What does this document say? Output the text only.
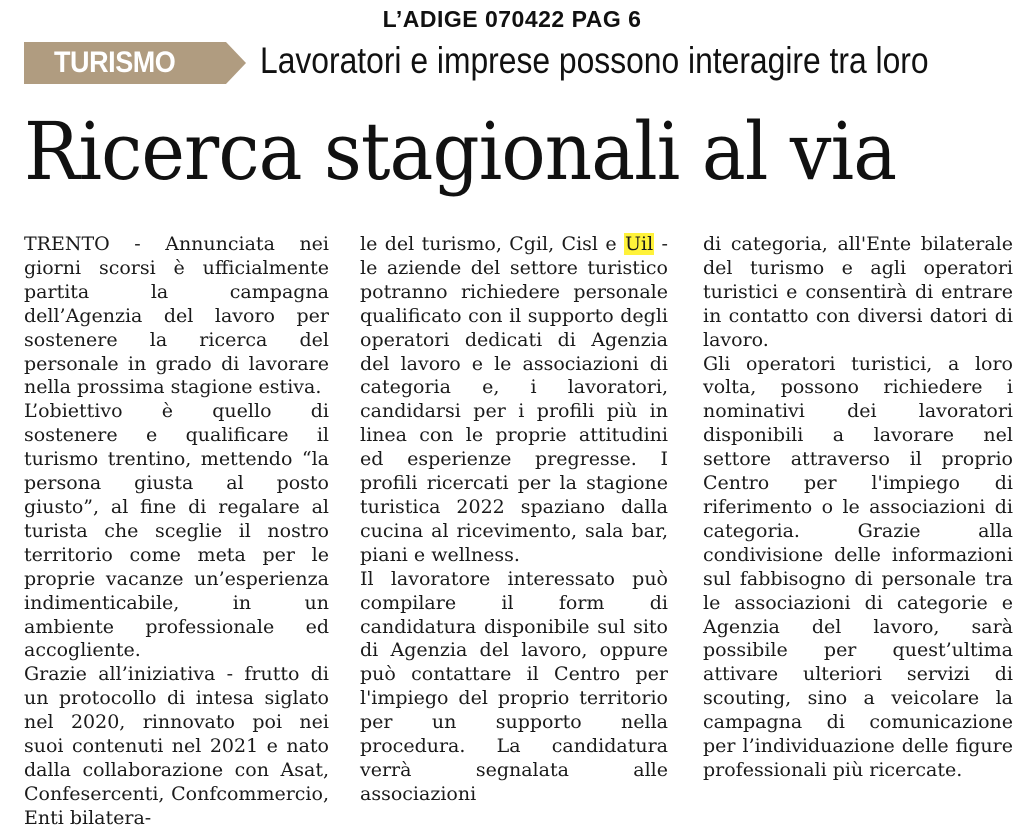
L’ADIGE 070422 PAG 6
TURISMO Lavoratori e imprese possono interagire tra loro
Ricerca stagionali al via

TRENTO - Annunciata nei giorni scorsi è ufficialmente partita la campagna dell’Agenzia del lavoro per sostenere la ricerca del personale in grado di lavorare nella prossima stagione estiva.

L’obiettivo è quello di sostenere e qualificare il turismo trentino, mettendo “la persona giusta al posto giusto”, al fine di regalare al turista che sceglie il nostro territorio come meta per le proprie vacanze un’esperienza indimenticabile, in un ambiente professionale ed accogliente.

Grazie all’iniziativa - frutto di un protocollo di intesa siglato nel 2020, rinnovato poi nei suoi contenuti nel 2021 e nato dalla collaborazione con Asat, Confesercenti, Confcommercio, Enti bilatera-

le del turismo, Cgil, Cisl e Uil - le aziende del settore turistico potranno richiedere personale qualificato con il supporto degli operatori dedicati di Agenzia del lavoro e le associazioni di categoria e, i lavoratori, candidarsi per i profili più in linea con le proprie attitudini ed esperienze pregresse. I profili ricercati per la stagione turistica 2022 spaziano dalla cucina al ricevimento, sala bar, piani e wellness.

Il lavoratore interessato può compilare il form di candidatura disponibile sul sito di Agenzia del lavoro, oppure può contattare il Centro per l'impiego del proprio territorio per un supporto nella procedura. La candidatura verrà segnalata alle associazioni

di categoria, all'Ente bilaterale del turismo e agli operatori turistici e consentirà di entrare in contatto con diversi datori di lavoro.

Gli operatori turistici, a loro volta, possono richiedere i nominativi dei lavoratori disponibili a lavorare nel settore attraverso il proprio Centro per l'impiego di riferimento o le associazioni di categoria. Grazie alla condivisione delle informazioni sul fabbisogno di personale tra le associazioni di categorie e Agenzia del lavoro, sarà possibile per quest’ultima attivare ulteriori servizi di scouting, sino a veicolare la campagna di comunicazione per l’individuazione delle figure professionali più ricercate.
